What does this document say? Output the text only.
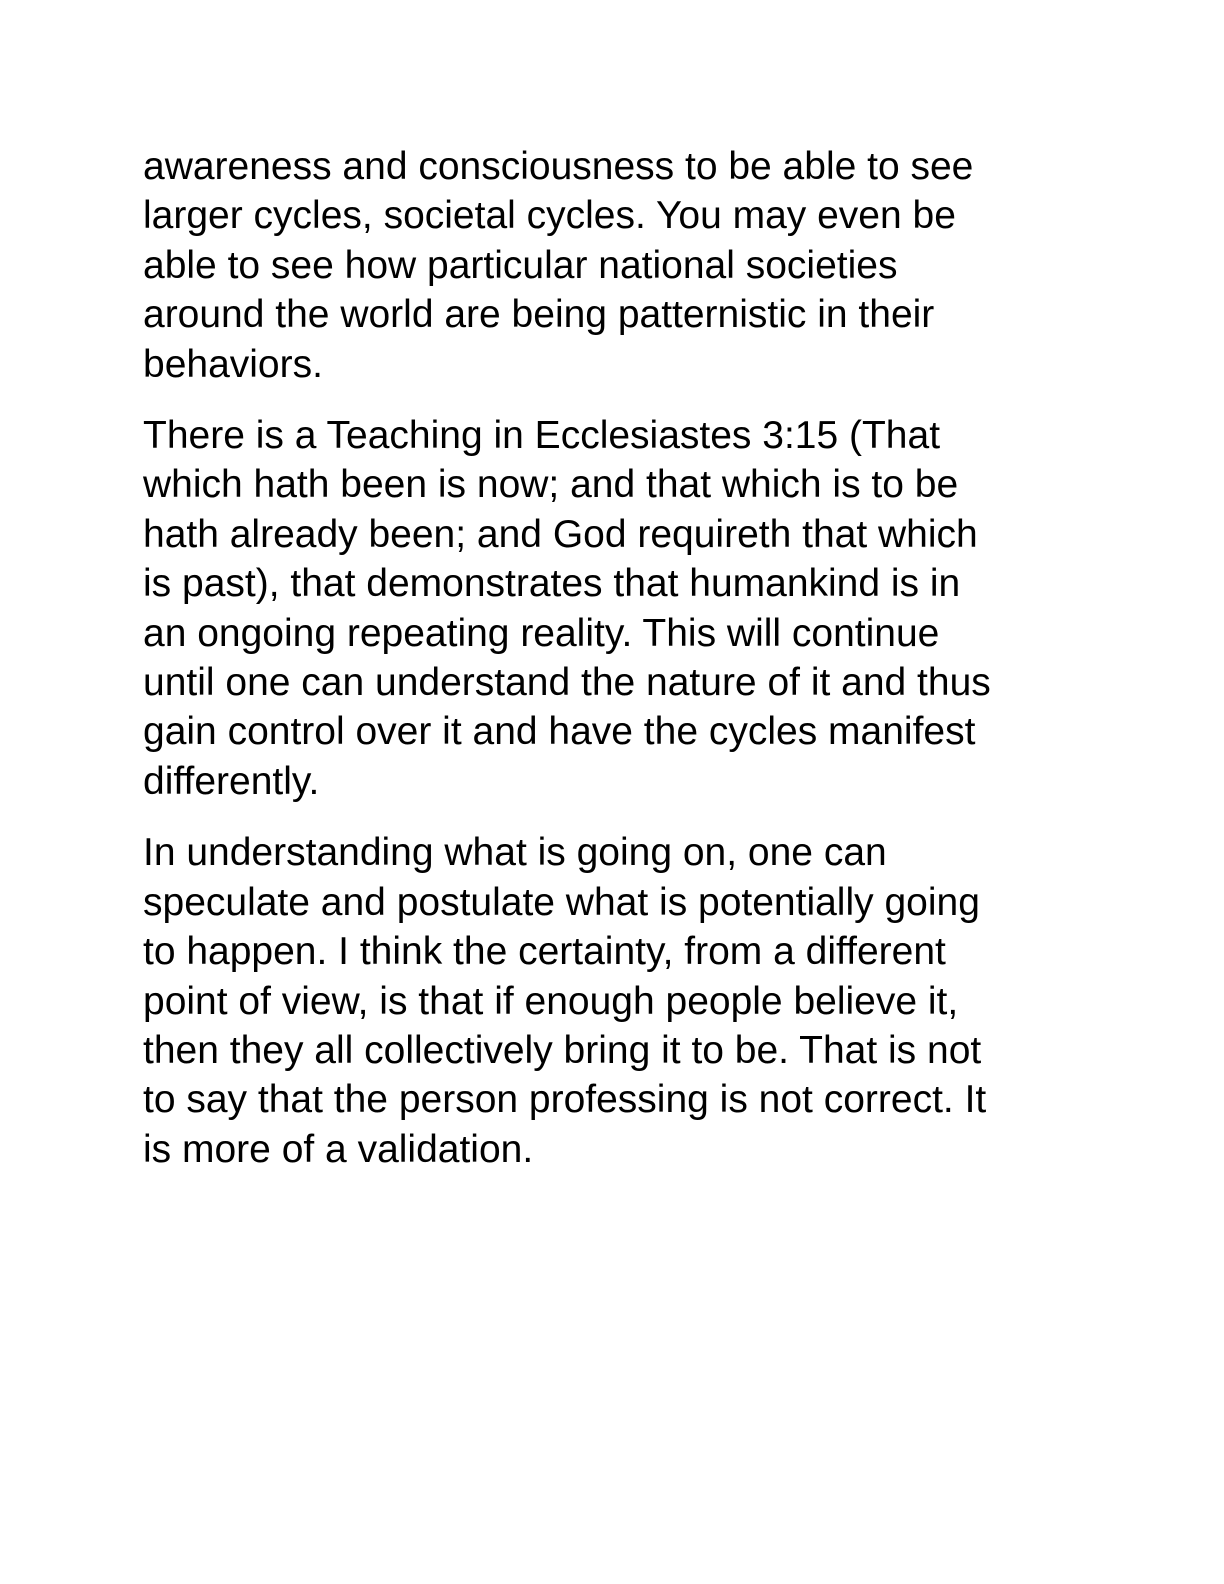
awareness and consciousness to be able to see
larger cycles, societal cycles. You may even be
able to see how particular national societies
around the world are being patternistic in their
behaviors.

There is a Teaching in Ecclesiastes 3:15 (That
which hath been is now; and that which is to be
hath already been; and God requireth that which
is past), that demonstrates that humankind is in
an ongoing repeating reality. This will continue
until one can understand the nature of it and thus
gain control over it and have the cycles manifest
differently.

In understanding what is going on, one can
speculate and postulate what is potentially going
to happen. I think the certainty, from a different
point of view, is that if enough people believe it,
then they all collectively bring it to be. That is not
to say that the person professing is not correct. It
is more of a validation.
